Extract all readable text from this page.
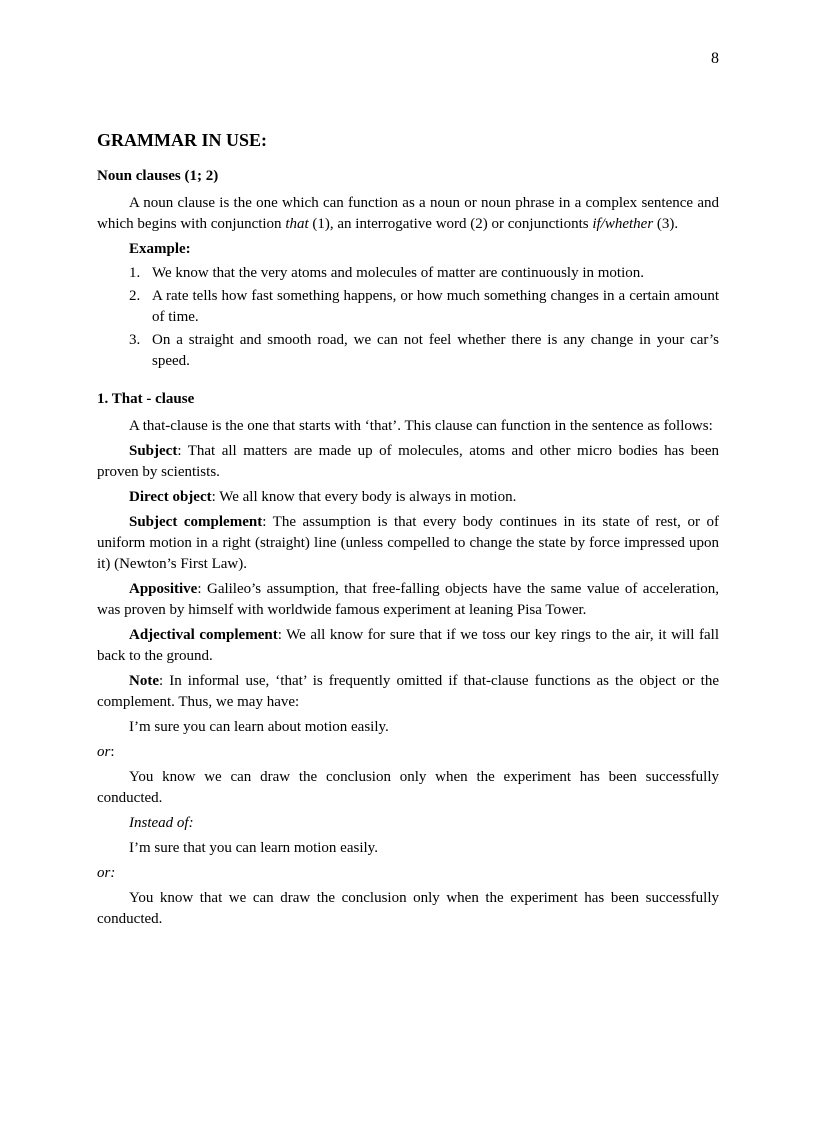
8
GRAMMAR IN USE:
Noun clauses (1; 2)

A noun clause is the one which can function as a noun or noun phrase in a complex sentence and which begins with conjunction that (1), an interrogative word (2) or conjunctionts if/whether (3).

Example:
1. We know that the very atoms and molecules of matter are continuously in motion.
2. A rate tells how fast something happens, or how much something changes in a certain amount of time.
3. On a straight and smooth road, we can not feel whether there is any change in your car’s speed.
1. That - clause

A that-clause is the one that starts with ‘that’. This clause can function in the sentence as follows:

Subject: That all matters are made up of molecules, atoms and other micro bodies has been proven by scientists.

Direct object: We all know that every body is always in motion.

Subject complement: The assumption is that every body continues in its state of rest, or of uniform motion in a right (straight) line (unless compelled to change the state by force impressed upon it) (Newton’s First Law).

Appositive: Galileo’s assumption, that free-falling objects have the same value of acceleration, was proven by himself with worldwide famous experiment at leaning Pisa Tower.

Adjectival complement: We all know for sure that if we toss our key rings to the air, it will fall back to the ground.

Note: In informal use, ‘that’ is frequently omitted if that-clause functions as the object or the complement. Thus, we may have:

I’m sure you can learn about motion easily.

or:

You know we can draw the conclusion only when the experiment has been successfully conducted.

Instead of:

I’m sure that you can learn motion easily.

or:

You know that we can draw the conclusion only when the experiment has been successfully conducted.
